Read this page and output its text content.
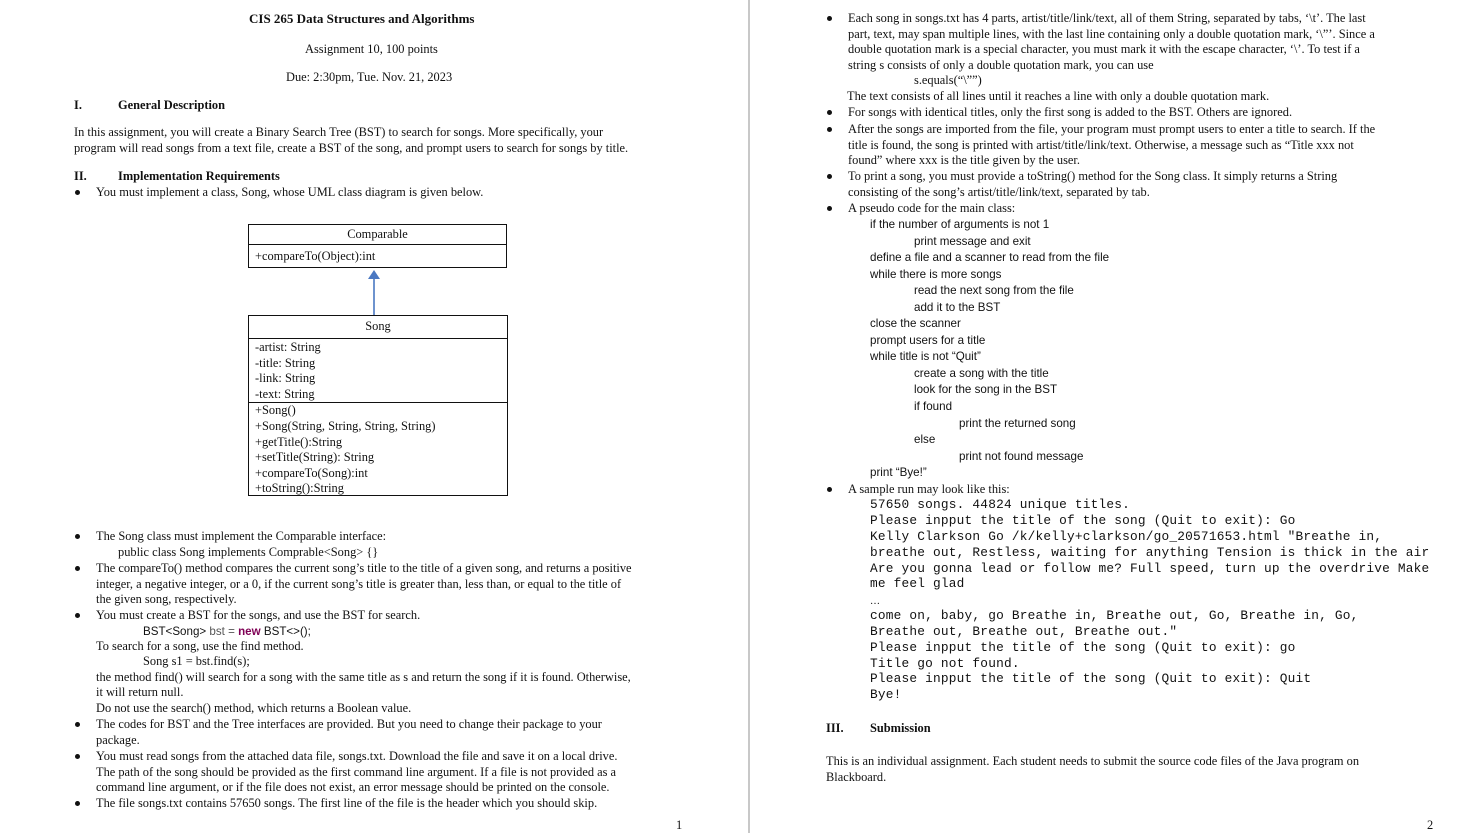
CIS 265 Data Structures and Algorithms
Assignment 10, 100 points
Due: 2:30pm, Tue. Nov. 21, 2023
I.	General Description
In this assignment, you will create a Binary Search Tree (BST) to search for songs. More specifically, your
program will read songs from a text file, create a BST of the song, and prompt users to search for songs by title.
II.	Implementation Requirements
You must implement a class, Song, whose UML class diagram is given below.
Comparable
+compareTo(Object):int
Song
-artist: String
-title: String
-link: String
-text: String
+Song()
+Song(String, String, String, String)
+getTitle():String
+setTitle(String): String
+compareTo(Song):int
+toString():String
The Song class must implement the Comparable interface:
public class Song implements Comprable<Song> {}
The compareTo() method compares the current song’s title to the title of a given song, and returns a positive
integer, a negative integer, or a 0, if the current song’s title is greater than, less than, or equal to the title of
the given song, respectively.
You must create a BST for the songs, and use the BST for search.
BST<Song> bst = new BST<>();
To search for a song, use the find method.
Song s1 = bst.find(s);
the method find() will search for a song with the same title as s and return the song if it is found. Otherwise,
it will return null.
Do not use the search() method, which returns a Boolean value.
The codes for BST and the Tree interfaces are provided. But you need to change their package to your
package.
You must read songs from the attached data file, songs.txt. Download the file and save it on a local drive.
The path of the song should be provided as the first command line argument. If a file is not provided as a
command line argument, or if the file does not exist, an error message should be printed on the console.
The file songs.txt contains 57650 songs. The first line of the file is the header which you should skip.
1
Each song in songs.txt has 4 parts, artist/title/link/text, all of them String, separated by tabs, ‘\t’. The last
part, text, may span multiple lines, with the last line containing only a double quotation mark, ‘\”’. Since a
double quotation mark is a special character, you must mark it with the escape character, ‘\’. To test if a
string s consists of only a double quotation mark, you can use
s.equals(“\””)
The text consists of all lines until it reaches a line with only a double quotation mark.
For songs with identical titles, only the first song is added to the BST. Others are ignored.
After the songs are imported from the file, your program must prompt users to enter a title to search. If the
title is found, the song is printed with artist/title/link/text. Otherwise, a message such as “Title xxx not
found” where xxx is the title given by the user.
To print a song, you must provide a toString() method for the Song class. It simply returns a String
consisting of the song’s artist/title/link/text, separated by tab.
A pseudo code for the main class:
if the number of arguments is not 1
print message and exit
define a file and a scanner to read from the file
while there is more songs
read the next song from the file
add it to the BST
close the scanner
prompt users for a title
while title is not “Quit”
create a song with the title
look for the song in the BST
if found
print the returned song
else
print not found message
print “Bye!”
A sample run may look like this:
57650 songs. 44824 unique titles.
Please inpput the title of the song (Quit to exit): Go
Kelly Clarkson Go /k/kelly+clarkson/go_20571653.html "Breathe in,
breathe out, Restless, waiting for anything Tension is thick in the air
Are you gonna lead or follow me? Full speed, turn up the overdrive Make
me feel glad
…
come on, baby, go Breathe in, Breathe out, Go, Breathe in, Go,
Breathe out, Breathe out, Breathe out."
Please inpput the title of the song (Quit to exit): go
Title go not found.
Please inpput the title of the song (Quit to exit): Quit
Bye!
III. Submission
This is an individual assignment. Each student needs to submit the source code files of the Java program on
Blackboard.
2
